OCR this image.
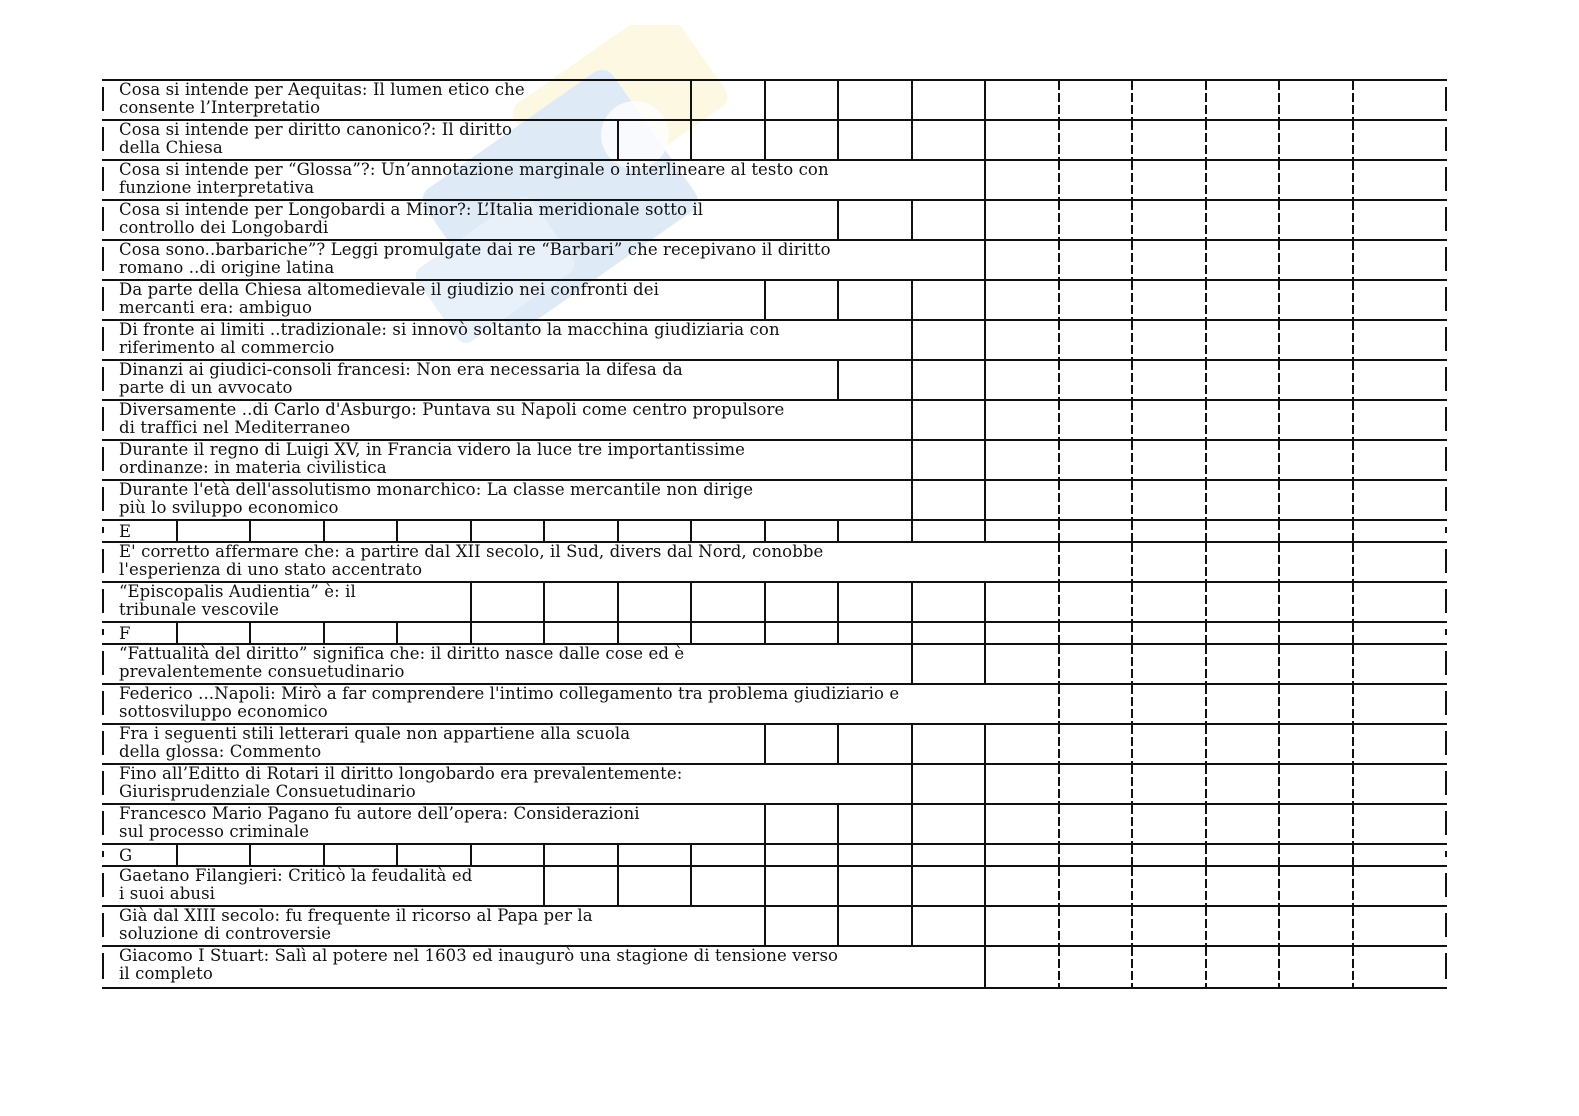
Cosa si intende per Aequitas: Il lumen etico che
consente l’Interpretatio
Cosa si intende per diritto canonico?: Il diritto
della Chiesa
Cosa si intende per “Glossa”?: Un’annotazione marginale o interlineare al testo con
funzione interpretativa
Cosa si intende per Longobardi a Minor?: L’Italia meridionale sotto il
controllo dei Longobardi
Cosa sono..barbariche”? Leggi promulgate dai re “Barbari” che recepivano il diritto
romano ..di origine latina
Da parte della Chiesa altomedievale il giudizio nei confronti dei
mercanti era: ambiguo
Di fronte ai limiti ..tradizionale: si innovò soltanto la macchina giudiziaria con
riferimento al commercio
Dinanzi ai giudici-consoli francesi: Non era necessaria la difesa da
parte di un avvocato
Diversamente ..di Carlo d'Asburgo: Puntava su Napoli come centro propulsore
di traffici nel Mediterraneo
Durante il regno di Luigi XV, in Francia videro la luce tre importantissime
ordinanze: in materia civilistica
Durante l'età dell'assolutismo monarchico: La classe mercantile non dirige
più lo sviluppo economico
E
E' corretto affermare che: a partire dal XII secolo, il Sud, divers dal Nord, conobbe
l'esperienza di uno stato accentrato
“Episcopalis Audientia” è: il
tribunale vescovile
F
“Fattualità del diritto” significa che: il diritto nasce dalle cose ed è
prevalentemente consuetudinario
Federico ...Napoli: Mirò a far comprendere l'intimo collegamento tra problema giudiziario e
sottosviluppo economico
Fra i seguenti stili letterari quale non appartiene alla scuola
della glossa: Commento
Fino all’Editto di Rotari il diritto longobardo era prevalentemente:
Giurisprudenziale Consuetudinario
Francesco Mario Pagano fu autore dell’opera: Considerazioni
sul processo criminale
G
Gaetano Filangieri: Criticò la feudalità ed
i suoi abusi
Già dal XIII secolo: fu frequente il ricorso al Papa per la
soluzione di controversie
Giacomo I Stuart: Salì al potere nel 1603 ed inaugurò una stagione di tensione verso
il completo
